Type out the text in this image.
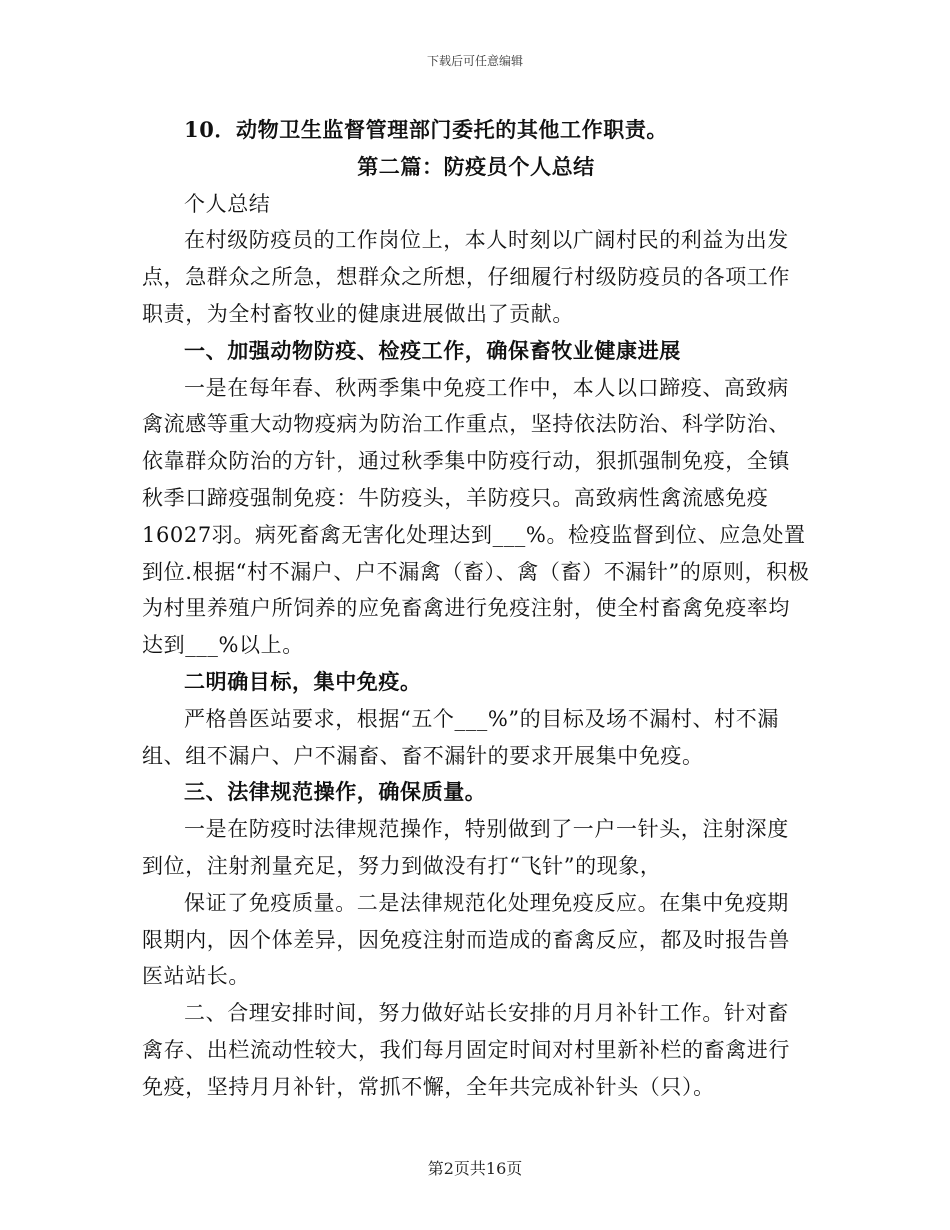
下载后可任意编辑

10．动物卫生监督管理部门委托的其他工作职责。

第二篇：防疫员个人总结

个人总结

在村级防疫员的工作岗位上，本人时刻以广阔村民的利益为出发点，急群众之所急，想群众之所想，仔细履行村级防疫员的各项工作职责，为全村畜牧业的健康进展做出了贡献。

一、加强动物防疫、检疫工作，确保畜牧业健康进展

一是在每年春、秋两季集中免疫工作中，本人以口蹄疫、高致病禽流感等重大动物疫病为防治工作重点，坚持依法防治、科学防治、依靠群众防治的方针，通过秋季集中防疫行动，狠抓强制免疫，全镇秋季口蹄疫强制免疫：牛防疫头，羊防疫只。高致病性禽流感免疫16027羽。病死畜禽无害化处理达到___%。检疫监督到位、应急处置到位.根据“村不漏户、户不漏禽（畜）、禽（畜）不漏针”的原则，积极为村里养殖户所饲养的应免畜禽进行免疫注射，使全村畜禽免疫率均达到___%以上。

二明确目标，集中免疫。

严格兽医站要求，根据“五个___%”的目标及场不漏村、村不漏组、组不漏户、户不漏畜、畜不漏针的要求开展集中免疫。

三、法律规范操作，确保质量。

一是在防疫时法律规范操作，特别做到了一户一针头，注射深度到位，注射剂量充足，努力到做没有打“飞针”的现象，

保证了免疫质量。二是法律规范化处理免疫反应。在集中免疫期限期内，因个体差异，因免疫注射而造成的畜禽反应，都及时报告兽医站站长。

二、合理安排时间，努力做好站长安排的月月补针工作。针对畜禽存、出栏流动性较大，我们每月固定时间对村里新补栏的畜禽进行免疫，坚持月月补针，常抓不懈，全年共完成补针头（只）。

第2页共16页
